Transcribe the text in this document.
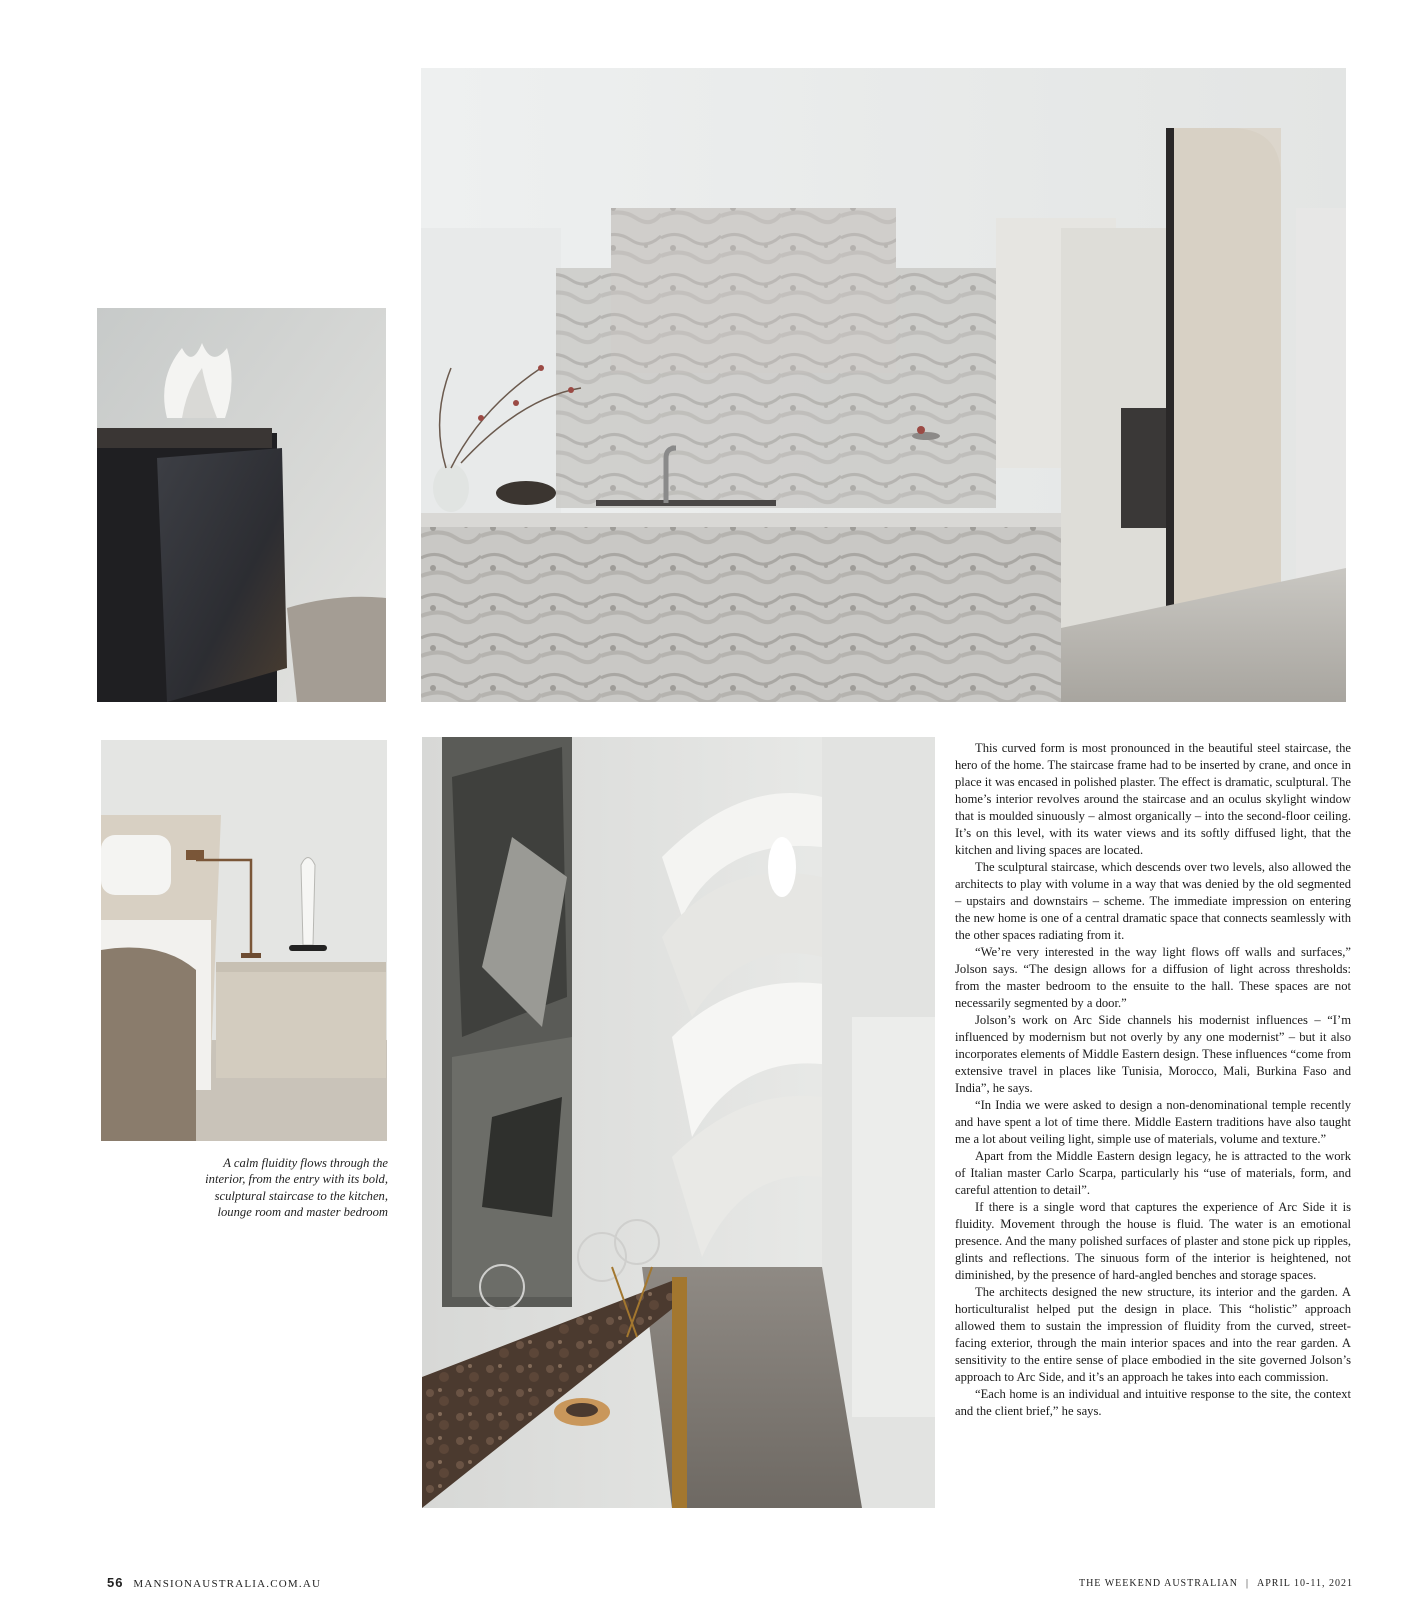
A calm fluidity flows through the interior, from the entry with its bold, sculptural staircase to the kitchen, lounge room and master bedroom

This curved form is most pronounced in the beautiful steel staircase, the hero of the home. The staircase frame had to be inserted by crane, and once in place it was encased in polished plaster. The effect is dramatic, sculptural. The home’s interior revolves around the staircase and an oculus skylight window that is moulded sinuously – almost organically – into the second-floor ceiling. It’s on this level, with its water views and its softly diffused light, that the kitchen and living spaces are located.

The sculptural staircase, which descends over two levels, also allowed the architects to play with volume in a way that was denied by the old segmented – upstairs and downstairs – scheme. The immediate impression on entering the new home is one of a central dramatic space that connects seamlessly with the other spaces radiating from it.

“We’re very interested in the way light flows off walls and surfaces,” Jolson says. “The design allows for a diffusion of light across thresholds: from the master bedroom to the ensuite to the hall. These spaces are not necessarily segmented by a door.”

Jolson’s work on Arc Side channels his modernist influences – “I’m influenced by modernism but not overly by any one modernist” – but it also incorporates elements of Middle Eastern design. These influences “come from extensive travel in places like Tunisia, Morocco, Mali, Burkina Faso and India”, he says.

“In India we were asked to design a non-denominational temple recently and have spent a lot of time there. Middle Eastern traditions have also taught me a lot about veiling light, simple use of materials, volume and texture.”

Apart from the Middle Eastern design legacy, he is attracted to the work of Italian master Carlo Scarpa, particularly his “use of materials, form, and careful attention to detail”.

If there is a single word that captures the experience of Arc Side it is fluidity. Movement through the house is fluid. The water is an emotional presence. And the many polished surfaces of plaster and stone pick up ripples, glints and reflections. The sinuous form of the interior is heightened, not diminished, by the presence of hard-angled benches and storage spaces.

The architects designed the new structure, its interior and the garden. A horticulturalist helped put the design in place. This “holistic” approach allowed them to sustain the impression of fluidity from the curved, street-facing exterior, through the main interior spaces and into the rear garden. A sensitivity to the entire sense of place embodied in the site governed Jolson’s approach to Arc Side, and it’s an approach he takes into each commission.

“Each home is an individual and intuitive response to the site, the context and the client brief,” he says.

56 MANSIONAUSTRALIA.COM.AU	THE WEEKEND AUSTRALIAN | APRIL 10-11, 2021
